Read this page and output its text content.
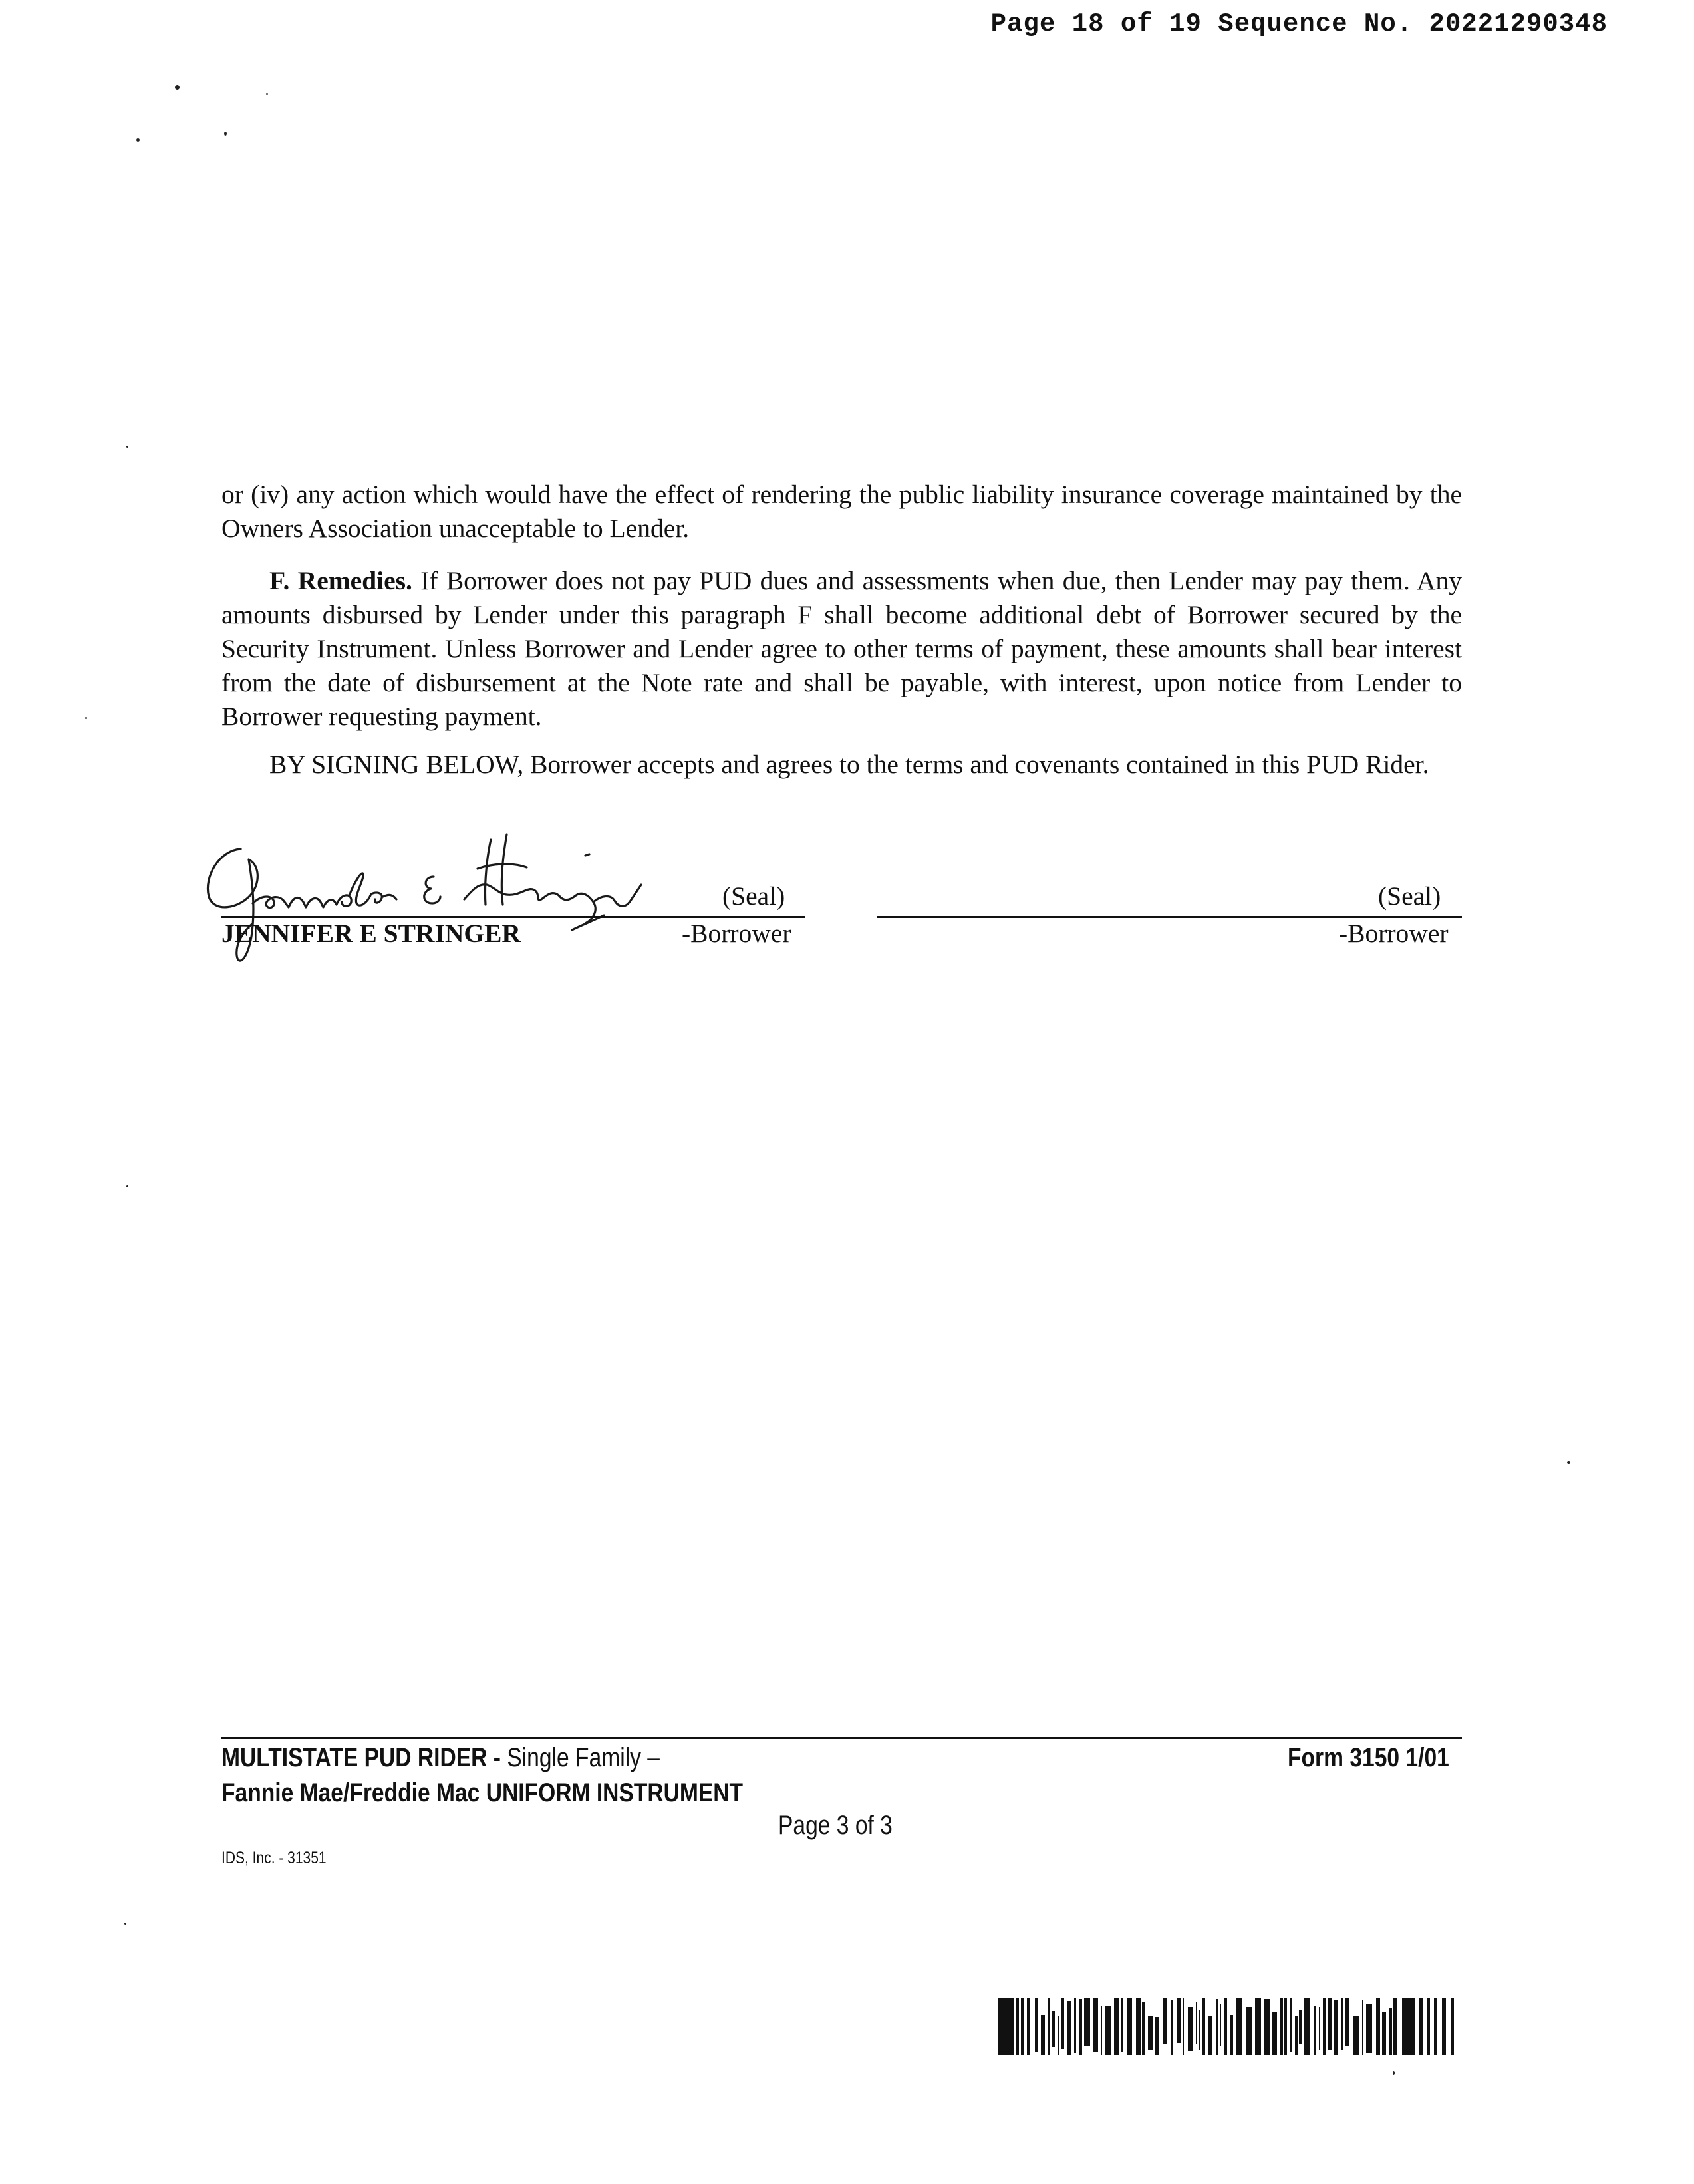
Page 18 of 19 Sequence No. 20221290348

or (iv) any action which would have the effect of rendering the public liability insurance coverage maintained by the Owners Association unacceptable to Lender.

F. Remedies. If Borrower does not pay PUD dues and assessments when due, then Lender may pay them. Any amounts disbursed by Lender under this paragraph F shall become additional debt of Borrower secured by the Security Instrument. Unless Borrower and Lender agree to other terms of payment, these amounts shall bear interest from the date of disbursement at the Note rate and shall be payable, with interest, upon notice from Lender to Borrower requesting payment.

BY SIGNING BELOW, Borrower accepts and agrees to the terms and covenants contained in this PUD Rider.

(Seal)
JENNIFER E STRINGER	-Borrower
(Seal)
-Borrower
MULTISTATE PUD RIDER - Single Family –
Fannie Mae/Freddie Mac UNIFORM INSTRUMENT
Form 3150 1/01
Page 3 of 3
IDS, Inc. - 31351
